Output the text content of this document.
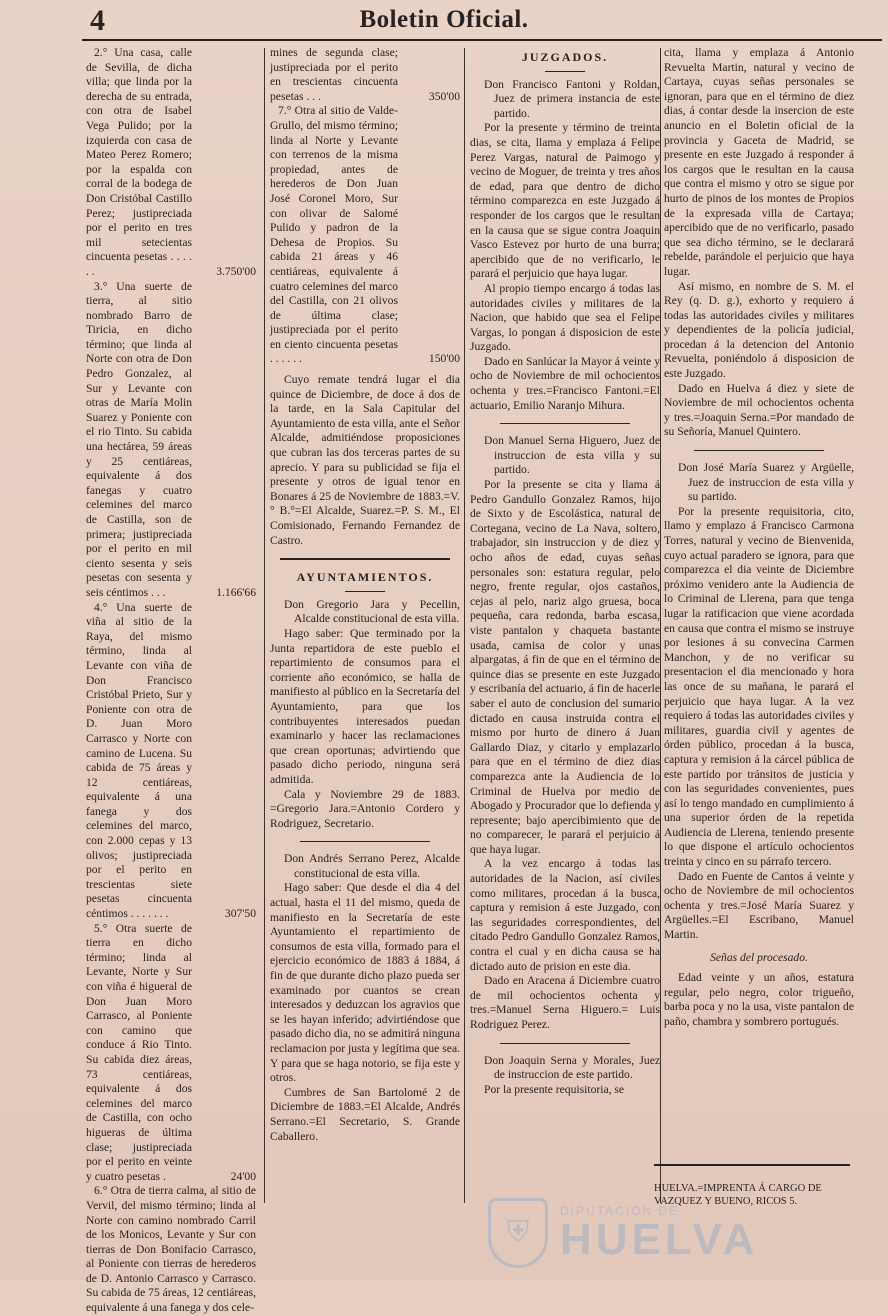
4	Boletin Oficial.
2.° Una casa, calle de Sevilla, de dicha villa; que linda por la derecha de su entrada, con otra de Isabel Vega Pulido; por la izquierda con casa de Mateo Perez Romero; por la espalda con corral de la bodega de Don Cristóbal Castillo Perez; justipreciada por el perito en tres mil setecientas cincuenta pesetas . . . . . .	3.750'00
3.° Una suerte de tierra, al sitio nombrado Barro de Tiricia, en dicho término; que linda al Norte con otra de Don Pedro Gonzalez, al Sur y Levante con otras de María Molin Suarez y Poniente con el rio Tinto. Su cabida una hectárea, 59 áreas y 25 centiáreas, equivalente á dos fanegas y cuatro celemines del marco de Castilla, son de primera; justipreciada por el perito en mil ciento sesenta y seis pesetas con sesenta y seis céntimos . . .	1.166'66
4.° Una suerte de viña al sitio de la Raya, del mismo término, linda al Levante con viña de Don Francisco Cristóbal Prieto, Sur y Poniente con otra de D. Juan Moro Carrasco y Norte con camino de Lucena. Su cabida de 75 áreas y 12 centiáreas, equivalente á una fanega y dos celemines del marco, con 2.000 cepas y 13 olivos; justipreciada por el perito en trescientas siete pesetas cincuenta céntimos . . . . . . .	307'50
5.° Otra suerte de tierra en dicho término; linda al Levante, Norte y Sur con viña é higueral de Don Juan Moro Carrasco, al Poniente con camino que conduce á Rio Tinto. Su cabida diez áreas, 73 centiáreas, equivalente á dos celemines del marco de Castilla, con ocho higueras de última clase; justipreciada por el perito en veinte y cuatro pesetas .	24'00

6.° Otra de tierra calma, al sitio de Vervil, del mismo término; linda al Norte con camino nombrado Carril de los Monicos, Levante y Sur con tierras de Don Bonifacio Carrasco, al Poniente con tierras de herederos de D. Antonio Carrasco y Carrasco. Su cabida de 75 áreas, 12 centiáreas, equivalente á una fanega y dos cele-

mines de segunda clase; justipreciada por el perito en trescientas cincuenta pesetas . . .	350'00
7.° Otra al sitio de Valde-Grullo, del mismo término; linda al Norte y Levante con terrenos de la misma propiedad, antes de herederos de Don Juan José Coronel Moro, Sur con olivar de Salomé Pulido y padron de la Dehesa de Propios. Su cabida 21 áreas y 46 centiáreas, equivalente á cuatro celemines del marco del Castilla, con 21 olivos de última clase; justipreciada por el perito en ciento cincuenta pesetas . . . . . .	150'00

Cuyo remate tendrá lugar el dia quince de Diciembre, de doce á dos de la tarde, en la Sala Capitular del Ayuntamiento de esta villa, ante el Señor Alcalde, admitiéndose proposiciones que cubran las dos terceras partes de su aprecio. Y para su publicidad se fija el presente y otros de igual tenor en Bonares á 25 de Noviembre de 1883.=V.° B.°=El Alcalde, Suarez.=P. S. M., El Comisionado, Fernando Fernandez de Castro.

AYUNTAMIENTOS.

Don Gregorio Jara y Pecellin, Alcalde constitucional de esta villa.

Hago saber: Que terminado por la Junta repartidora de este pueblo el repartimiento de consumos para el corriente año económico, se halla de manifiesto al público en la Secretaría del Ayuntamiento, para que los contribuyentes interesados puedan examinarlo y hacer las reclamaciones que crean oportunas; advirtiendo que pasado dicho periodo, ninguna será admitida.

Cala y Noviembre 29 de 1883. =Gregorio Jara.=Antonio Cordero y Rodriguez, Secretario.

Don Andrés Serrano Perez, Alcalde constitucional de esta villa.

Hago saber: Que desde el dia 4 del actual, hasta el 11 del mismo, queda de manifiesto en la Secretaría de este Ayuntamiento el repartimiento de consumos de esta villa, formado para el ejercicio económico de 1883 á 1884, á fin de que durante dicho plazo pueda ser examinado por cuantos se crean interesados y deduzcan los agravios que se les hayan inferido; advirtiéndose que pasado dicho dia, no se admitirá ninguna reclamacion por justa y legítima que sea. Y para que se haga notorio, se fija este y otros.

Cumbres de San Bartolomé 2 de Diciembre de 1883.=El Alcalde, Andrés Serrano.=El Secretario, S. Grande Caballero.

JUZGADOS.

Don Francisco Fantoni y Roldan, Juez de primera instancia de este partido.

Por la presente y término de treinta dias, se cita, llama y emplaza á Felipe Perez Vargas, natural de Paimogo y vecino de Moguer, de treinta y tres años de edad, para que dentro de dicho término comparezca en este Juzgado á responder de los cargos que le resultan en la causa que se sigue contra Joaquin Vasco Estevez por hurto de una burra; apercibido que de no verificarlo, le parará el perjuicio que haya lugar.

Al propio tiempo encargo á todas las autoridades civiles y militares de la Nacion, que habido que sea el Felipe Vargas, lo pongan á disposicion de este Juzgado.

Dado en Sanlúcar la Mayor á veinte y ocho de Noviembre de mil ochocientos ochenta y tres.=Francisco Fantoni.=El actuario, Emilio Naranjo Mihura.

Don Manuel Serna Higuero, Juez de instruccion de esta villa y su partido.

Por la presente se cita y llama á Pedro Gandullo Gonzalez Ramos, hijo de Sixto y de Escolástica, natural de Cortegana, vecino de La Nava, soltero, trabajador, sin instruccion y de diez y ocho años de edad, cuyas señas personales son: estatura regular, pelo negro, frente regular, ojos castaños, cejas al pelo, nariz algo gruesa, boca pequeña, cara redonda, barba escasa, viste pantalon y chaqueta bastante usada, camisa de color y unas alpargatas, á fin de que en el término de quince dias se presente en este Juzgado y escribanía del actuario, á fin de hacerle saber el auto de conclusion del sumario dictado en causa instruida contra el mismo por hurto de dinero á Juan Gallardo Diaz, y citarlo y emplazarlo para que en el término de diez dias comparezca ante la Audiencia de lo Criminal de Huelva por medio de Abogado y Procurador que lo defienda y represente; bajo apercibimiento que de no comparecer, le parará el perjuicio á que haya lugar.

A la vez encargo á todas las autoridades de la Nacion, así civiles como militares, procedan á la busca, captura y remision á este Juzgado, con las seguridades correspondientes, del citado Pedro Gandullo Gonzalez Ramos, contra el cual y en dicha causa se ha dictado auto de prision en este dia.

Dado en Aracena á Diciembre cuatro de mil ochocientos ochenta y tres.=Manuel Serna Higuero.= Luis Rodriguez Perez.

Don Joaquin Serna y Morales, Juez de instruccion de este partido.

Por la presente requisitoria, se

cita, llama y emplaza á Antonio Revuelta Martin, natural y vecino de Cartaya, cuyas señas personales se ignoran, para que en el término de diez dias, á contar desde la insercion de este anuncio en el Boletin oficial de la provincia y Gaceta de Madrid, se presente en este Juzgado á responder á los cargos que le resultan en la causa que contra el mismo y otro se sigue por hurto de pinos de los montes de Propios de la expresada villa de Cartaya; apercibido que de no verificarlo, pasado que sea dicho término, se le declarará rebelde, parándole el perjuicio que haya lugar.

Así mismo, en nombre de S. M. el Rey (q. D. g.), exhorto y requiero á todas las autoridades civiles y militares y dependientes de la policía judicial, procedan á la detencion del Antonio Revuelta, poniéndolo á disposicion de este Juzgado.

Dado en Huelva á diez y siete de Noviembre de mil ochocientos ochenta y tres.=Joaquin Serna.=Por mandado de su Señoría, Manuel Quintero.

Don José María Suarez y Argüelle, Juez de instruccion de esta villa y su partido.

Por la presente requisitoria, cito, llamo y emplazo á Francisco Carmona Torres, natural y vecino de Bienvenida, cuyo actual paradero se ignora, para que comparezca el dia veinte de Diciembre próximo venidero ante la Audiencia de lo Criminal de Llerena, para que tenga lugar la ratificacion que viene acordada en causa que contra el mismo se instruye por lesiones á su convecina Carmen Manchon, y de no verificar su presentacion el dia mencionado y hora las once de su mañana, le parará el perjuicio que haya lugar. A la vez requiero á todas las autoridades civiles y militares, guardia civil y agentes de órden público, procedan á la busca, captura y remision á la cárcel pública de este partido por tránsitos de justicia y con las seguridades convenientes, pues así lo tengo mandado en cumplimiento á una superior órden de la repetida Audiencia de Llerena, teniendo presente lo que dispone el artículo ochocientos treinta y cinco en su párrafo tercero.

Dado en Fuente de Cantos á veinte y ocho de Noviembre de mil ochocientos ochenta y tres.=José María Suarez y Argüelles.=El Escribano, Manuel Martin.

Señas del procesado.

Edad veinte y un años, estatura regular, pelo negro, color trigueño, barba poca y no la usa, viste pantalon de paño, chambra y sombrero portugués.

HUELVA.=IMPRENTA Á CARGO DE VAZQUEZ Y BUENO, RICOS 5.
⛨
DIPUTACIÓN DE
HUELVA
